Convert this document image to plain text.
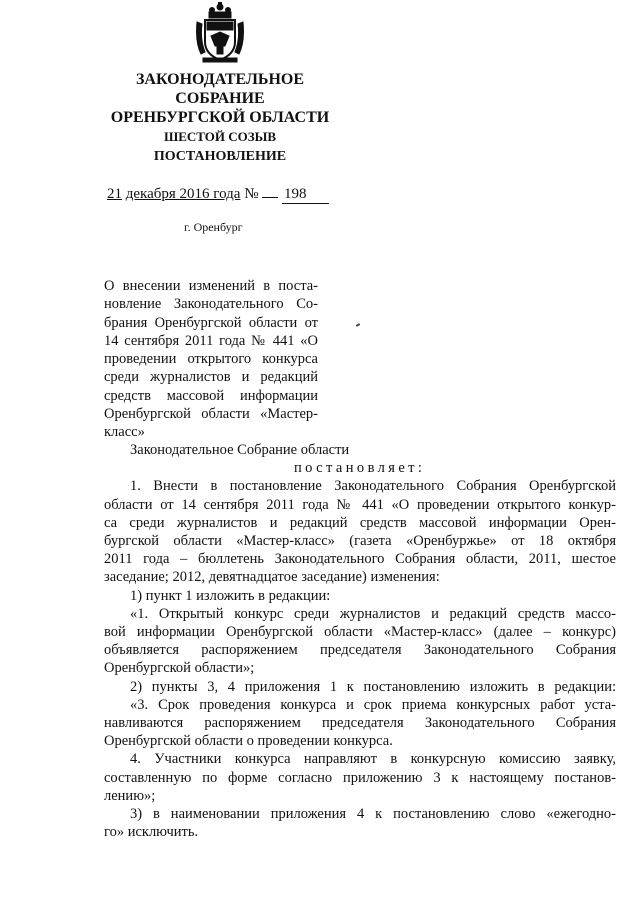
ЗАКОНОДАТЕЛЬНОЕ
СОБРАНИЕ
ОРЕНБУРГСКОЙ ОБЛАСТИ
ШЕСТОЙ СОЗЫВ
ПОСТАНОВЛЕНИЕ
21 декабря 2016 года № 198
г. Оренбург
О внесении изменений в поста-
новление Законодательного Со-
брания Оренбургской области от
14 сентября 2011 года № 441 «О
проведении открытого конкурса
среди журналистов и редакций
средств массовой информации
Оренбургской области «Мастер-
класс»
Законодательное Собрание области
постановляет:
1. Внести в постановление Законодательного Собрания Оренбургской
области от 14 сентября 2011 года № 441 «О проведении открытого конкур-
са среди журналистов и редакций средств массовой информации Орен-
бургской области «Мастер-класс» (газета «Оренбуржье» от 18 октября
2011 года – бюллетень Законодательного Собрания области, 2011, шестое
заседание; 2012, девятнадцатое заседание) изменения:
1) пункт 1 изложить в редакции:
«1. Открытый конкурс среди журналистов и редакций средств массо-
вой информации Оренбургской области «Мастер-класс» (далее – конкурс)
объявляется распоряжением председателя Законодательного Собрания
Оренбургской области»;
2) пункты 3, 4 приложения 1 к постановлению изложить в редакции:
«3. Срок проведения конкурса и срок приема конкурсных работ уста-
навливаются распоряжением председателя Законодательного Собрания
Оренбургской области о проведении конкурса.
4. Участники конкурса направляют в конкурсную комиссию заявку,
составленную по форме согласно приложению 3 к настоящему постанов-
лению»;
3) в наименовании приложения 4 к постановлению слово «ежегодно-
го» исключить.
